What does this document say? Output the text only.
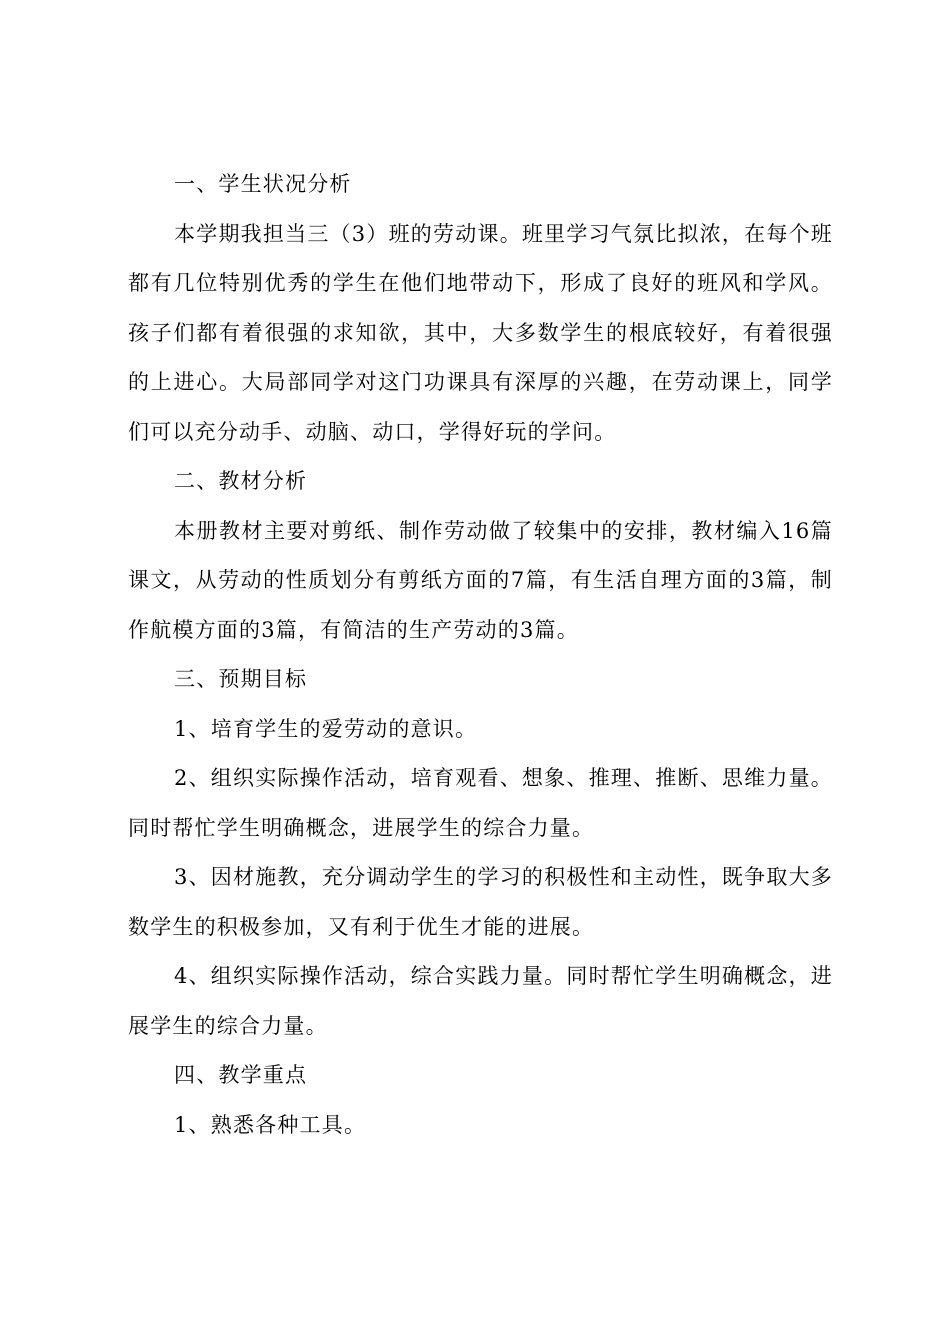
一、学生状况分析

本学期我担当三（3）班的劳动课。班里学习气氛比拟浓，在每个班都有几位特别优秀的学生在他们地带动下，形成了良好的班风和学风。孩子们都有着很强的求知欲，其中，大多数学生的根底较好，有着很强的上进心。大局部同学对这门功课具有深厚的兴趣，在劳动课上，同学们可以充分动手、动脑、动口，学得好玩的学问。

二、教材分析

本册教材主要对剪纸、制作劳动做了较集中的安排，教材编入16篇课文，从劳动的性质划分有剪纸方面的7篇，有生活自理方面的3篇，制作航模方面的3篇，有简洁的生产劳动的3篇。

三、预期目标

1、培育学生的爱劳动的意识。

2、组织实际操作活动，培育观看、想象、推理、推断、思维力量。同时帮忙学生明确概念，进展学生的综合力量。

3、因材施教，充分调动学生的学习的积极性和主动性，既争取大多数学生的积极参加，又有利于优生才能的进展。

4、组织实际操作活动，综合实践力量。同时帮忙学生明确概念，进展学生的综合力量。

四、教学重点

1、熟悉各种工具。
